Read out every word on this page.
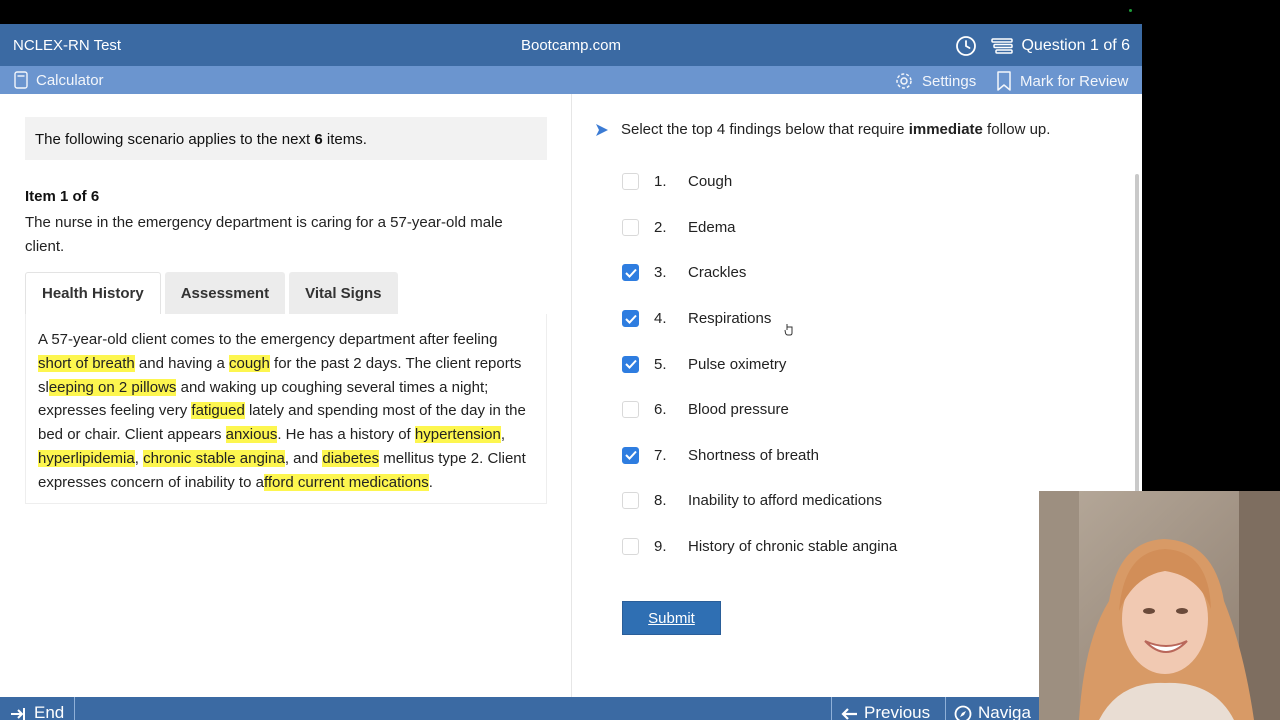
NCLEX-RN Test	Bootcamp.com	Question 1 of 6
Calculator	Settings	Mark for Review
The following scenario applies to the next 6 items.
Item 1 of 6
The nurse in the emergency department is caring for a 57-year-old male client.
Health History	Assessment	Vital Signs
A 57-year-old client comes to the emergency department after feeling short of breath and having a cough for the past 2 days. The client reports sleeping on 2 pillows and waking up coughing several times a night; expresses feeling very fatigued lately and spending most of the day in the bed or chair. Client appears anxious. He has a history of hypertension, hyperlipidemia, chronic stable angina, and diabetes mellitus type 2. Client expresses concern of inability to afford current medications.
Select the top 4 findings below that require immediate follow up.
1.	Cough
2.	Edema
3.	Crackles
4.	Respirations
5.	Pulse oximetry
6.	Blood pressure
7.	Shortness of breath
8.	Inability to afford medications
9.	History of chronic stable angina
Submit
End	Previous	Naviga
